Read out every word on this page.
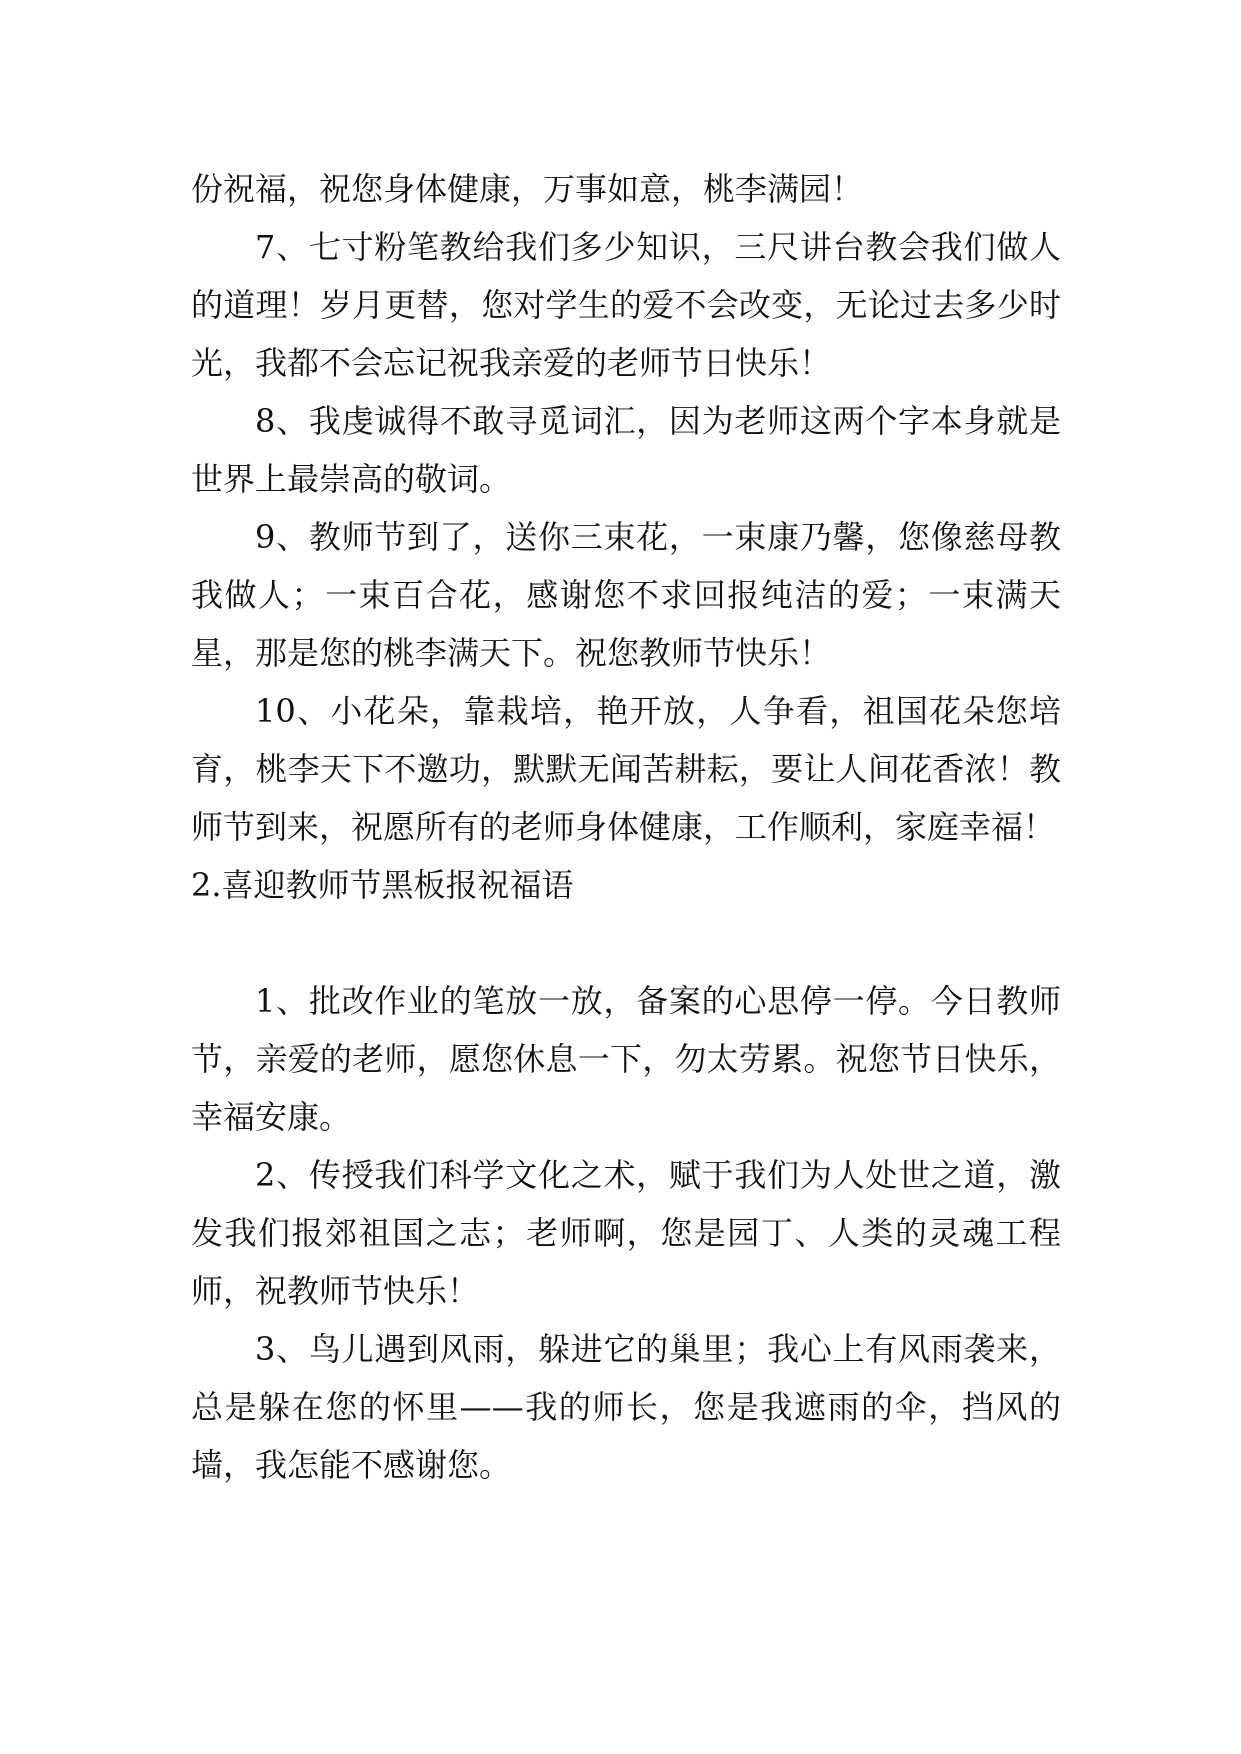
份祝福，祝您身体健康，万事如意，桃李满园！

7、七寸粉笔教给我们多少知识，三尺讲台教会我们做人的道理！岁月更替，您对学生的爱不会改变，无论过去多少时光，我都不会忘记祝我亲爱的老师节日快乐！

8、我虔诚得不敢寻觅词汇，因为老师这两个字本身就是世界上最崇高的敬词。

9、教师节到了，送你三束花，一束康乃馨，您像慈母教我做人；一束百合花，感谢您不求回报纯洁的爱；一束满天星，那是您的桃李满天下。祝您教师节快乐！

10、小花朵，靠栽培，艳开放，人争看，祖国花朵您培育，桃李天下不邀功，默默无闻苦耕耘，要让人间花香浓！教师节到来，祝愿所有的老师身体健康，工作顺利，家庭幸福！

2.喜迎教师节黑板报祝福语

1、批改作业的笔放一放，备案的心思停一停。今日教师节，亲爱的老师，愿您休息一下，勿太劳累。祝您节日快乐，幸福安康。

2、传授我们科学文化之术，赋于我们为人处世之道，激发我们报郊祖国之志；老师啊，您是园丁、人类的灵魂工程师，祝教师节快乐！

3、鸟儿遇到风雨，躲进它的巢里；我心上有风雨袭来，总是躲在您的怀里——我的师长，您是我遮雨的伞，挡风的墙，我怎能不感谢您。
